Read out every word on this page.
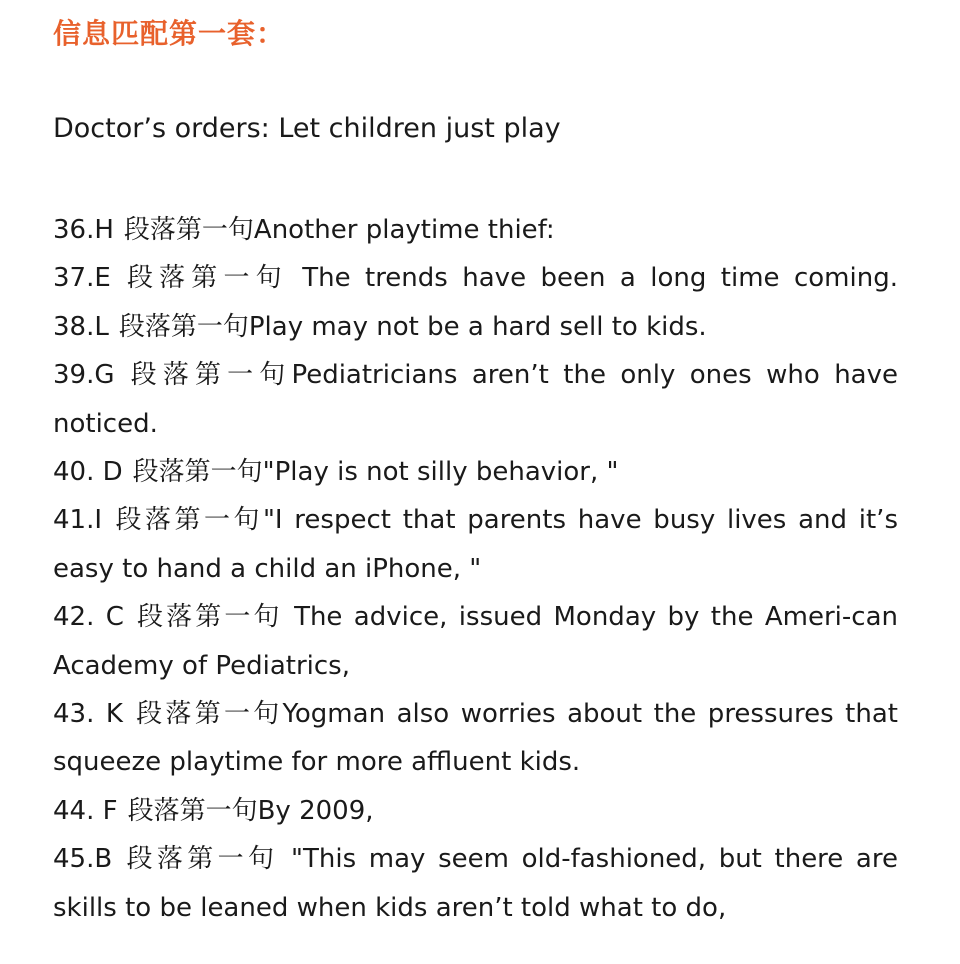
信息匹配第一套：
Doctor’s orders: Let children just play
36.H 段落第一句Another playtime thief:
37.E 段落第一句 The trends have been a long time coming.
38.L 段落第一句Play may not be a hard sell to kids.
39.G 段落第一句Pediatricians aren’t the only ones who have noticed.
40. D 段落第一句"Play is not silly behavior, "
41.I 段落第一句"I respect that parents have busy lives and it’s easy to hand a child an iPhone, "
42. C 段落第一句 The advice, issued Monday by the Ameri-can Academy of Pediatrics,
43. K 段落第一句Yogman also worries about the pressures that squeeze playtime for more affluent kids.
44. F 段落第一句By 2009,
45.B 段落第一句 "This may seem old-fashioned, but there are skills to be leaned when kids aren’t told what to do,
